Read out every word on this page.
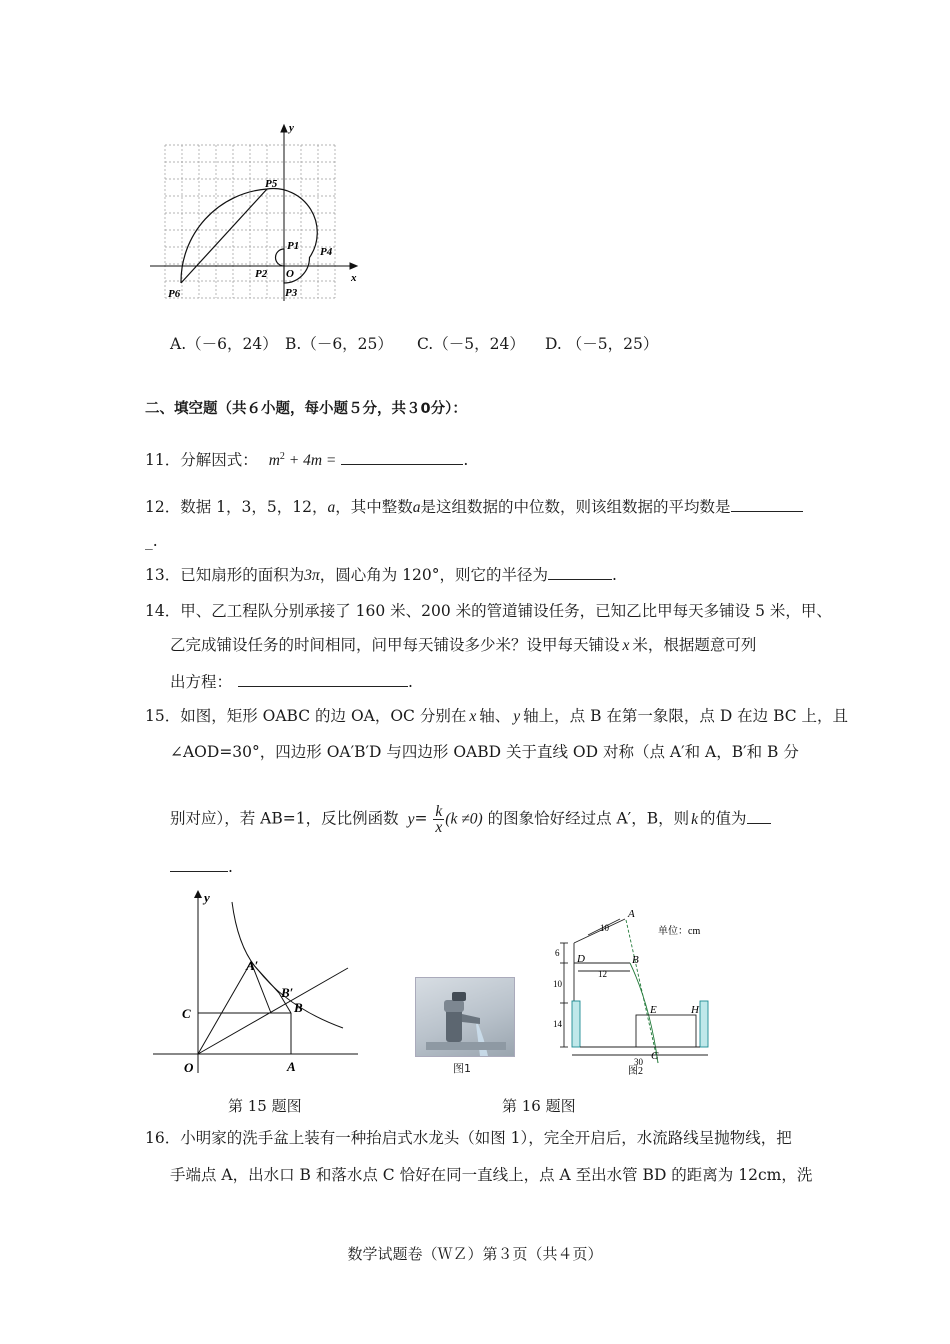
x
y
O
P1
P2
P3
P4
P5
P6
A.（－6，24） B.（－6，25） C.（－5，24） D. （－5，25）
二、填空题（共６小题，每小题５分，共３0分）：
11．分解因式： $m^2 + 4m$ =	.
12．数据 1，3，5，12，a，其中整数a是这组数据的中位数，则该组数据的平均数是
_.
13．已知扇形的面积为3π，圆心角为 120°，则它的半径为	.
14．甲、乙工程队分别承接了 160 米、200 米的管道铺设任务，已知乙比甲每天多铺设 5 米，甲、
乙完成铺设任务的时间相同，问甲每天铺设多少米？设甲每天铺设 x 米，根据题意可列
出方程：	.
15．如图，矩形 OABC 的边 OA，OC 分别在 x 轴、 y 轴上，点 B 在第一象限，点 D 在边 BC 上，且
∠AOD=30°，四边形 OA′B′D 与四边形 OABD 关于直线 OD 对称（点 A′和 A，B′和 B 分
别对应），若 AB=1，反比例函数 $y= \frac{k}{x} (k \ne 0)$ 的图象恰好经过点 A′，B，则 k 的值为
.
y
C
O	A
A′
B′
B
图1
单位：cm
A
B
C
D
E	H
10
6
12
10
14
30
图2
第 15 题图	第 16 题图
16．小明家的洗手盆上装有一种抬启式水龙头（如图 1），完全开启后，水流路线呈抛物线，把
手端点 A，出水口 B 和落水点 C 恰好在同一直线上，点 A 至出水管 BD 的距离为 12cm，洗
数学试题卷（ＷＺ）第３页（共４页）
